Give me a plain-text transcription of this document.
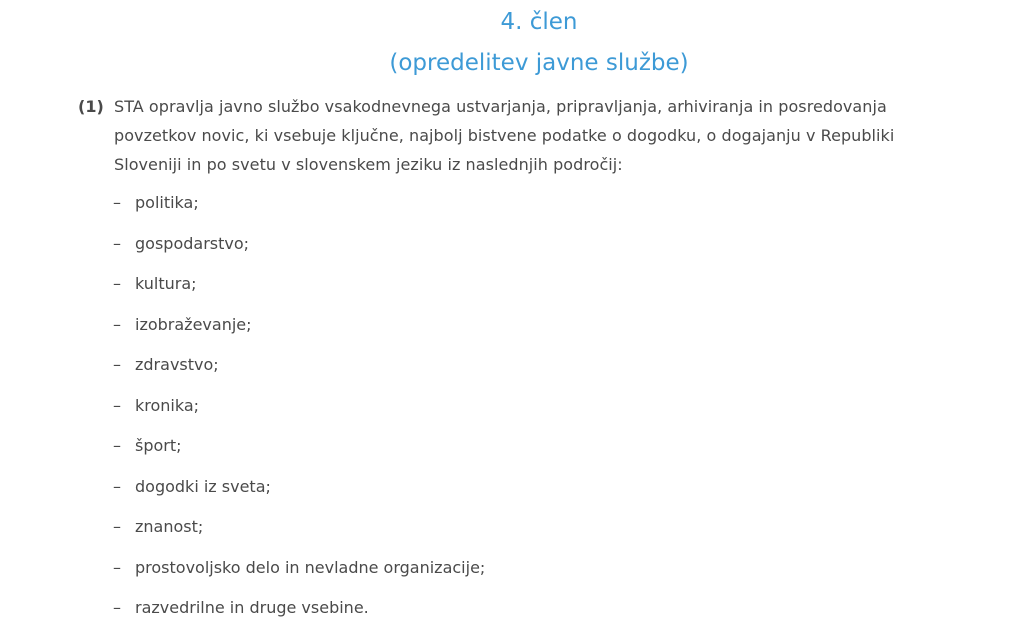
4. člen
(opredelitev javne službe)
(1) STA opravlja javno službo vsakodnevnega ustvarjanja, pripravljanja, arhiviranja in posredovanja povzetkov novic, ki vsebuje ključne, najbolj bistvene podatke o dogodku, o dogajanju v Republiki Sloveniji in po svetu v slovenskem jeziku iz naslednjih področij:
– politika;
– gospodarstvo;
– kultura;
– izobraževanje;
– zdravstvo;
– kronika;
– šport;
– dogodki iz sveta;
– znanost;
– prostovoljsko delo in nevladne organizacije;
– razvedrilne in druge vsebine.
